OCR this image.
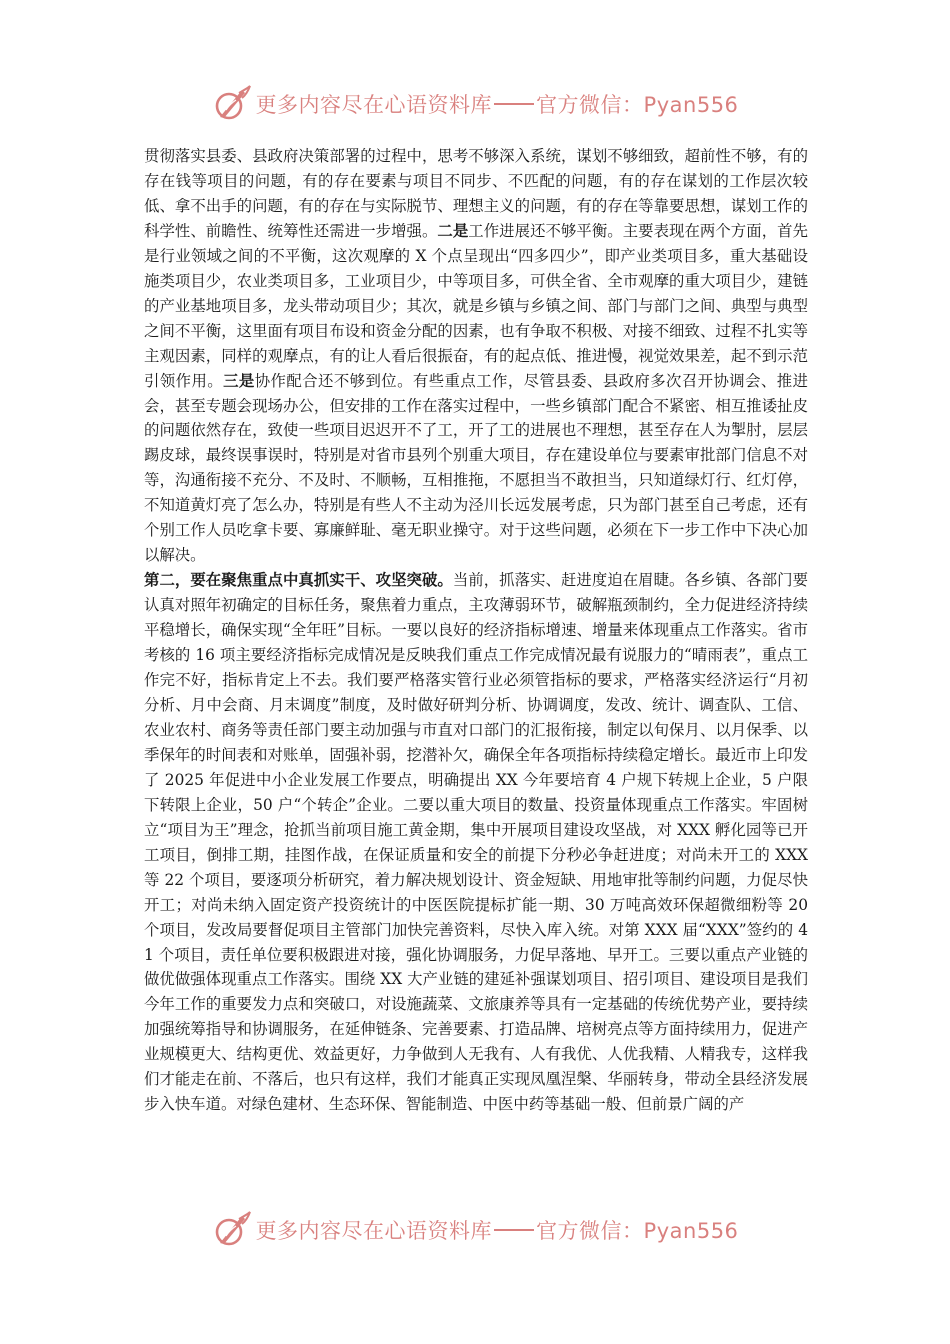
更多内容尽在心语资料库 官方微信：Pyan556

贯彻落实县委、县政府决策部署的过程中，思考不够深入系统，谋划不够细致，超前性不够，有的存在钱等项目的问题，有的存在要素与项目不同步、不匹配的问题，有的存在谋划的工作层次较低、拿不出手的问题，有的存在与实际脱节、理想主义的问题，有的存在等靠要思想，谋划工作的科学性、前瞻性、统筹性还需进一步增强。二是工作进展还不够平衡。主要表现在两个方面，首先是行业领域之间的不平衡，这次观摩的 X 个点呈现出“四多四少”，即产业类项目多，重大基础设施类项目少，农业类项目多，工业项目少，中等项目多，可供全省、全市观摩的重大项目少，建链的产业基地项目多，龙头带动项目少；其次，就是乡镇与乡镇之间、部门与部门之间、典型与典型之间不平衡，这里面有项目布设和资金分配的因素，也有争取不积极、对接不细致、过程不扎实等主观因素，同样的观摩点，有的让人看后很振奋，有的起点低、推进慢，视觉效果差，起不到示范引领作用。三是协作配合还不够到位。有些重点工作，尽管县委、县政府多次召开协调会、推进会，甚至专题会现场办公，但安排的工作在落实过程中，一些乡镇部门配合不紧密、相互推诿扯皮的问题依然存在，致使一些项目迟迟开不了工，开了工的进展也不理想，甚至存在人为掣肘，层层踢皮球，最终误事误时，特别是对省市县列个别重大项目，存在建设单位与要素审批部门信息不对等，沟通衔接不充分、不及时、不顺畅，互相推拖，不愿担当不敢担当，只知道绿灯行、红灯停，不知道黄灯亮了怎么办，特别是有些人不主动为泾川长远发展考虑，只为部门甚至自己考虑，还有个别工作人员吃拿卡要、寡廉鲜耻、毫无职业操守。对于这些问题，必须在下一步工作中下决心加以解决。

第二，要在聚焦重点中真抓实干、攻坚突破。当前，抓落实、赶进度迫在眉睫。各乡镇、各部门要认真对照年初确定的目标任务，聚焦着力重点，主攻薄弱环节，破解瓶颈制约，全力促进经济持续平稳增长，确保实现“全年旺”目标。一要以良好的经济指标增速、增量来体现重点工作落实。省市考核的 16 项主要经济指标完成情况是反映我们重点工作完成情况最有说服力的“晴雨表”，重点工作完不好，指标肯定上不去。我们要严格落实管行业必须管指标的要求，严格落实经济运行“月初分析、月中会商、月末调度”制度，及时做好研判分析、协调调度，发改、统计、调查队、工信、农业农村、商务等责任部门要主动加强与市直对口部门的汇报衔接，制定以旬保月、以月保季、以季保年的时间表和对账单，固强补弱，挖潜补欠，确保全年各项指标持续稳定增长。最近市上印发了 2025 年促进中小企业发展工作要点，明确提出 XX 今年要培育 4 户规下转规上企业，5 户限下转限上企业，50 户“个转企”企业。二要以重大项目的数量、投资量体现重点工作落实。牢固树立“项目为王”理念，抢抓当前项目施工黄金期，集中开展项目建设攻坚战，对 XXX 孵化园等已开工项目，倒排工期，挂图作战，在保证质量和安全的前提下分秒必争赶进度；对尚未开工的 XXX 等 22 个项目，要逐项分析研究，着力解决规划设计、资金短缺、用地审批等制约问题，力促尽快开工；对尚未纳入固定资产投资统计的中医医院提标扩能一期、30 万吨高效环保超微细粉等 20 个项目，发改局要督促项目主管部门加快完善资料，尽快入库入统。对第 XXX 届“XXX”签约的 41 个项目，责任单位要积极跟进对接，强化协调服务，力促早落地、早开工。三要以重点产业链的做优做强体现重点工作落实。围绕 XX 大产业链的建延补强谋划项目、招引项目、建设项目是我们今年工作的重要发力点和突破口，对设施蔬菜、文旅康养等具有一定基础的传统优势产业，要持续加强统筹指导和协调服务，在延伸链条、完善要素、打造品牌、培树亮点等方面持续用力，促进产业规模更大、结构更优、效益更好，力争做到人无我有、人有我优、人优我精、人精我专，这样我们才能走在前、不落后，也只有这样，我们才能真正实现凤凰涅槃、华丽转身，带动全县经济发展步入快车道。对绿色建材、生态环保、智能制造、中医中药等基础一般、但前景广阔的产

更多内容尽在心语资料库 官方微信：Pyan556
